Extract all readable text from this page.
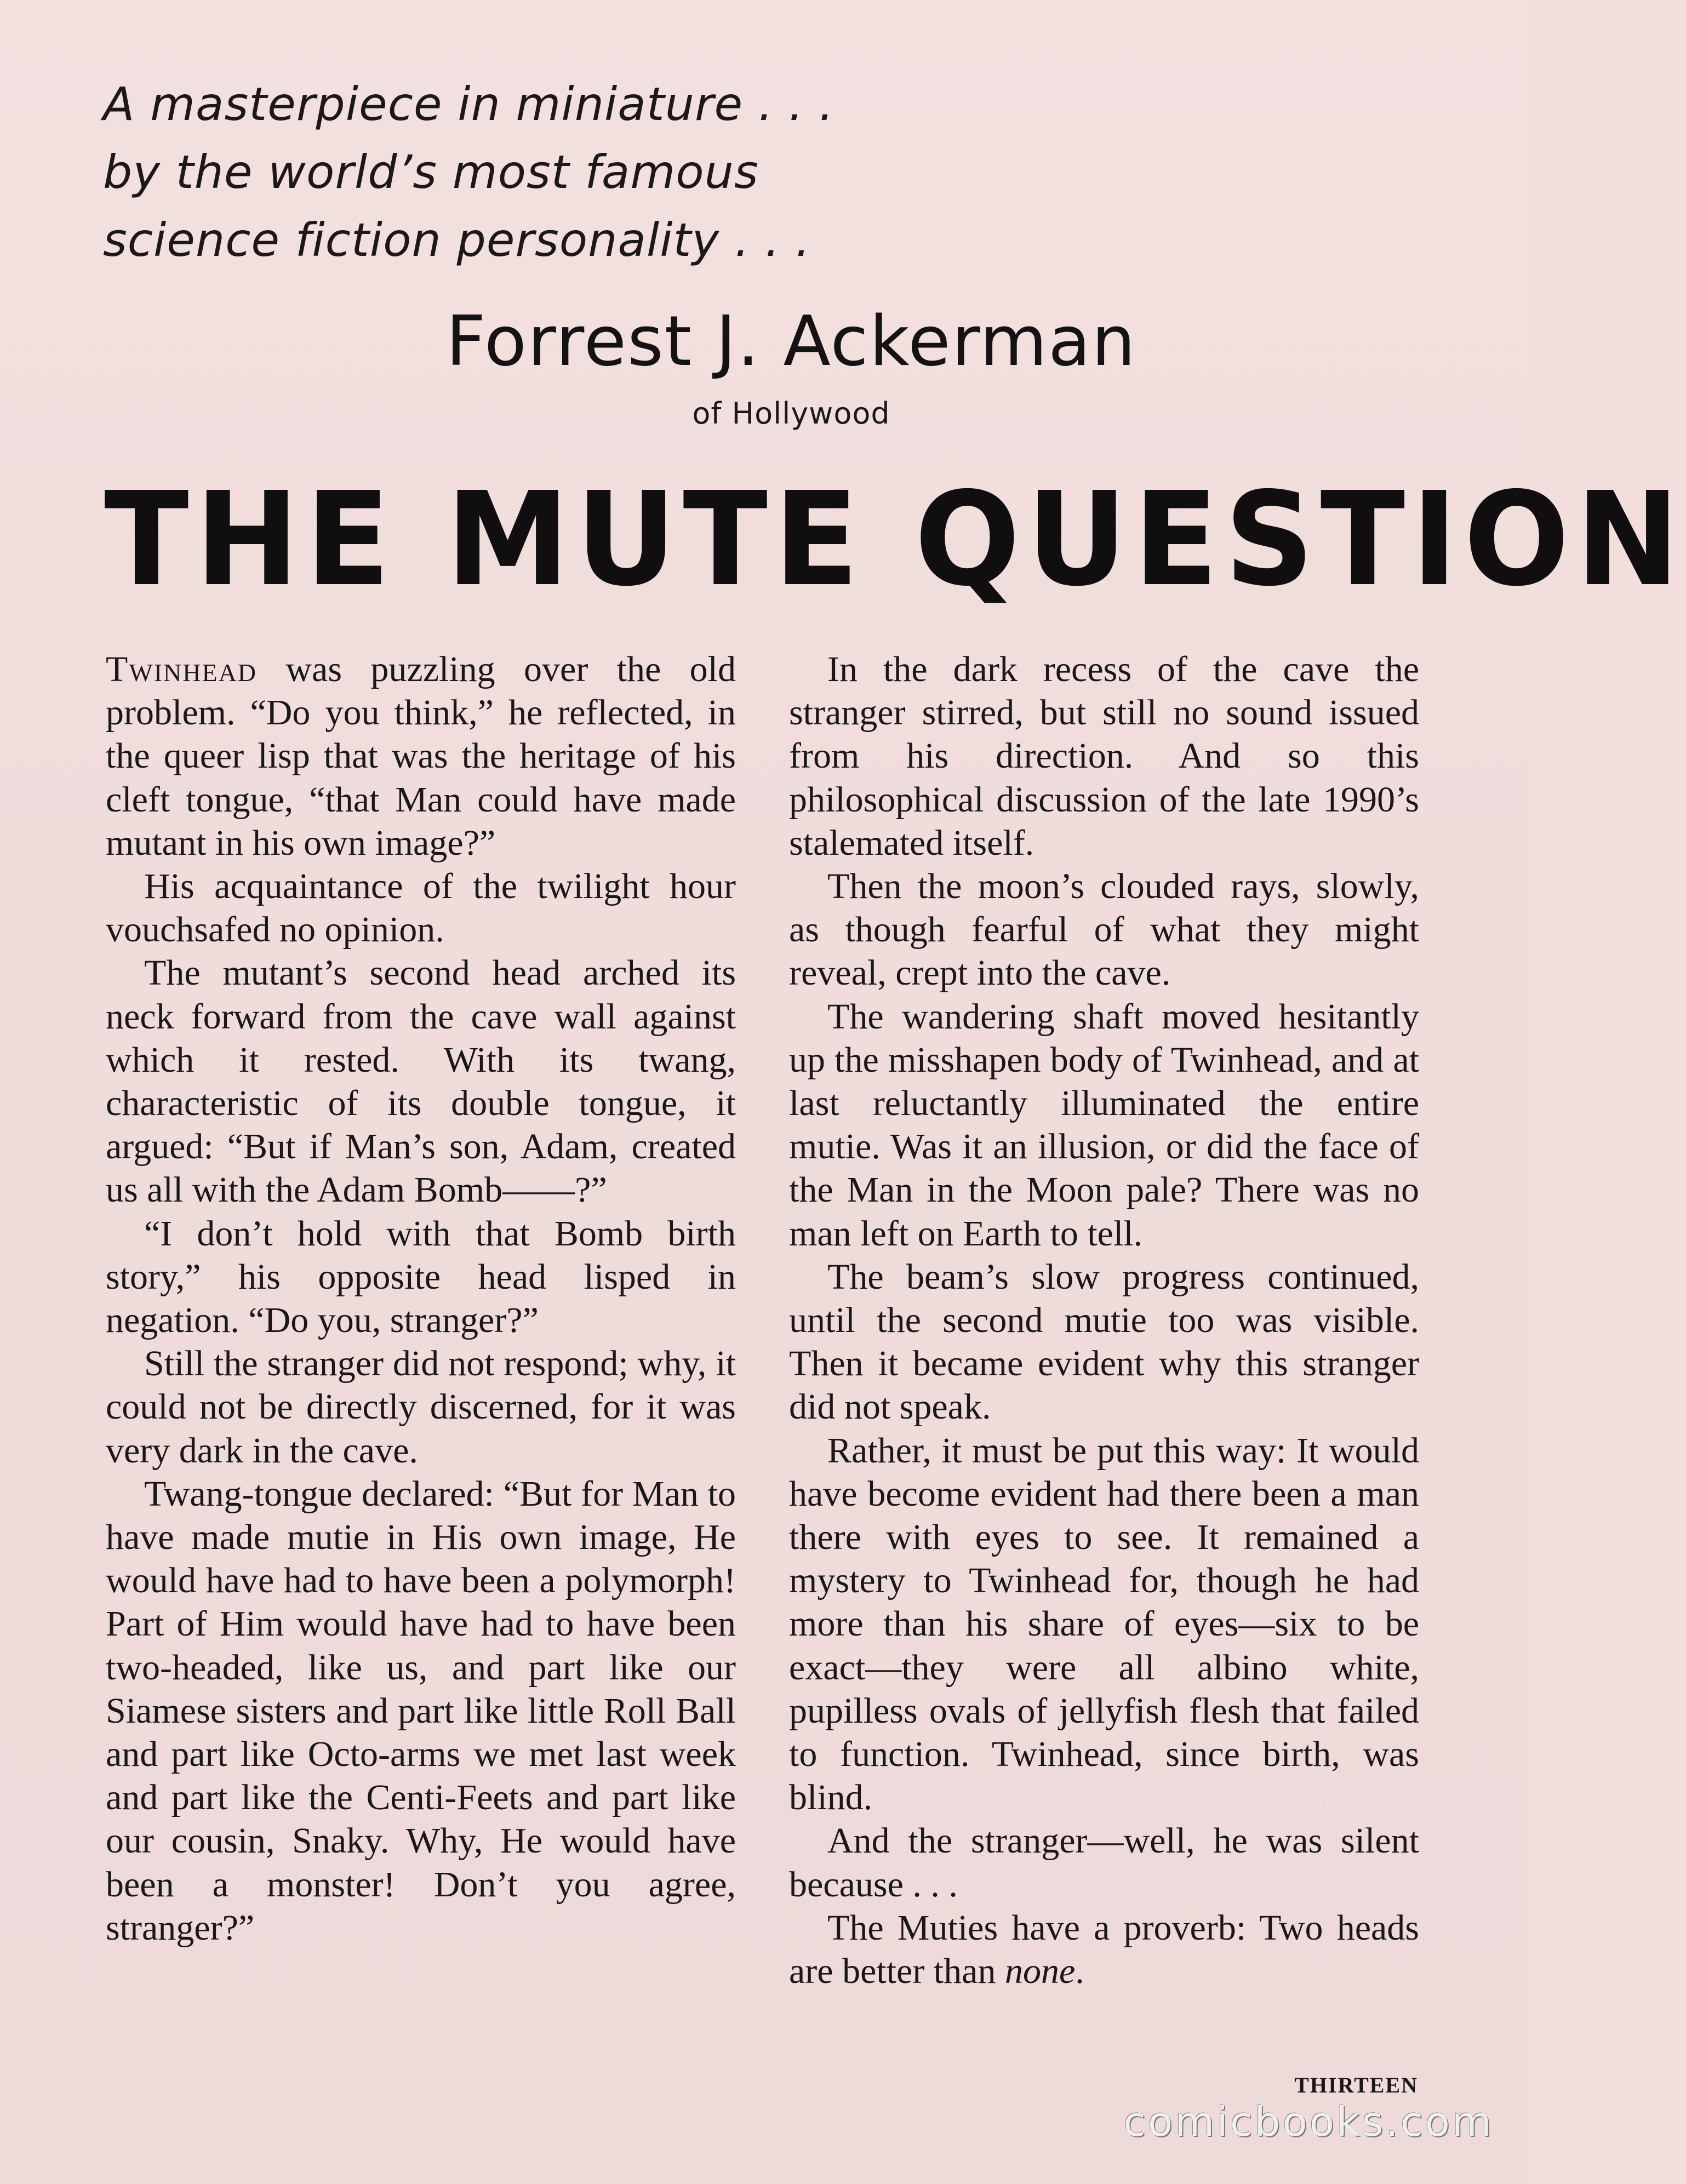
A masterpiece in miniature . . .
by the world’s most famous
science fiction personality . . .
Forrest J. Ackerman
of Hollywood
THE MUTE QUESTION

Twinhead was puzzling over the old problem. “Do you think,” he reflected, in the queer lisp that was the heritage of his cleft tongue, “that Man could have made mutant in his own image?”

His acquaintance of the twilight hour vouchsafed no opinion.

The mutant’s second head arched its neck forward from the cave wall against which it rested. With its twang, characteristic of its double tongue, it argued: “But if Man’s son, Adam, created us all with the Adam Bomb——?”

“I don’t hold with that Bomb birth story,” his opposite head lisped in negation. “Do you, stranger?”

Still the stranger did not respond; why, it could not be directly discerned, for it was very dark in the cave.

Twang-tongue declared: “But for Man to have made mutie in His own image, He would have had to have been a polymorph! Part of Him would have had to have been two-headed, like us, and part like our Siamese sisters and part like little Roll Ball and part like Octo-arms we met last week and part like the Centi-Feets and part like our cousin, Snaky. Why, He would have been a monster! Don’t you agree, stranger?”

In the dark recess of the cave the stranger stirred, but still no sound issued from his direction. And so this philosophical discussion of the late 1990’s stalemated itself.

Then the moon’s clouded rays, slowly, as though fearful of what they might reveal, crept into the cave.

The wandering shaft moved hesitantly up the misshapen body of Twinhead, and at last reluctantly illuminated the entire mutie. Was it an illusion, or did the face of the Man in the Moon pale? There was no man left on Earth to tell.

The beam’s slow progress continued, until the second mutie too was visible. Then it became evident why this stranger did not speak.

Rather, it must be put this way: It would have become evident had there been a man there with eyes to see. It remained a mystery to Twinhead for, though he had more than his share of eyes—six to be exact—they were all albino white, pupilless ovals of jellyfish flesh that failed to function. Twinhead, since birth, was blind.

And the stranger—well, he was silent because . . .

The Muties have a proverb: Two heads are better than none.

THIRTEEN
comicbooks.com
